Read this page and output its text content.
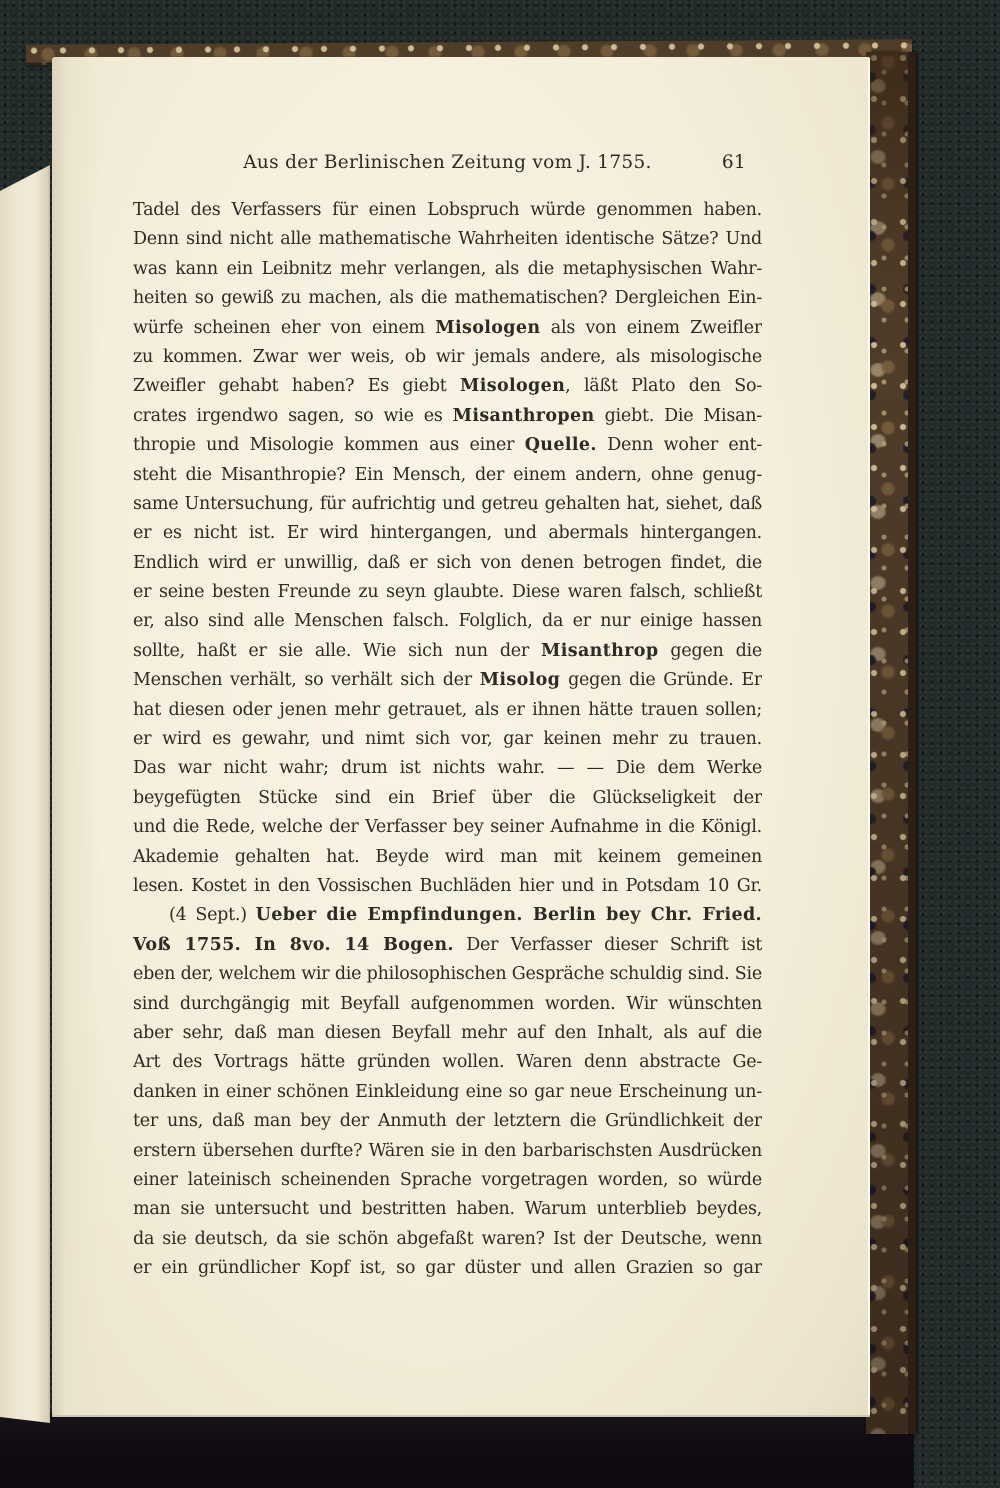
Aus der Berlinischen Zeitung vom J. 1755.	61
Tadel des Verfassers für einen Lobspruch würde genommen haben.
Denn sind nicht alle mathematische Wahrheiten identische Sätze? Und
was kann ein Leibnitz mehr verlangen, als die metaphysischen Wahr-
heiten so gewiß zu machen, als die mathematischen? Dergleichen Ein-
würfe scheinen eher von einem Misologen als von einem Zweifler
zu kommen. Zwar wer weis, ob wir jemals andere, als misologische
Zweifler gehabt haben? Es giebt Misologen, läßt Plato den So-
crates irgendwo sagen, so wie es Misanthropen giebt. Die Misan-
thropie und Misologie kommen aus einer Quelle. Denn woher ent-
steht die Misanthropie? Ein Mensch, der einem andern, ohne genug-
same Untersuchung, für aufrichtig und getreu gehalten hat, siehet, daß
er es nicht ist. Er wird hintergangen, und abermals hintergangen.
Endlich wird er unwillig, daß er sich von denen betrogen findet, die
er seine besten Freunde zu seyn glaubte. Diese waren falsch, schließt
er, also sind alle Menschen falsch. Folglich, da er nur einige hassen
sollte, haßt er sie alle. Wie sich nun der Misanthrop gegen die
Menschen verhält, so verhält sich der Misolog gegen die Gründe. Er
hat diesen oder jenen mehr getrauet, als er ihnen hätte trauen sollen;
er wird es gewahr, und nimt sich vor, gar keinen mehr zu trauen.
Das war nicht wahr; drum ist nichts wahr. — — Die dem Werke
beygefügten Stücke sind ein Brief über die Glückseligkeit der
und die Rede, welche der Verfasser bey seiner Aufnahme in die Königl.
Akademie gehalten hat. Beyde wird man mit keinem gemeinen
lesen. Kostet in den Vossischen Buchläden hier und in Potsdam 10 Gr.
(4 Sept.) Ueber die Empfindungen. Berlin bey Chr. Fried.
Voß 1755. In 8vo. 14 Bogen. Der Verfasser dieser Schrift ist
eben der, welchem wir die philosophischen Gespräche schuldig sind. Sie
sind durchgängig mit Beyfall aufgenommen worden. Wir wünschten
aber sehr, daß man diesen Beyfall mehr auf den Inhalt, als auf die
Art des Vortrags hätte gründen wollen. Waren denn abstracte Ge-
danken in einer schönen Einkleidung eine so gar neue Erscheinung un-
ter uns, daß man bey der Anmuth der letztern die Gründlichkeit der
erstern übersehen durfte? Wären sie in den barbarischsten Ausdrücken
einer lateinisch scheinenden Sprache vorgetragen worden, so würde
man sie untersucht und bestritten haben. Warum unterblieb beydes,
da sie deutsch, da sie schön abgefaßt waren? Ist der Deutsche, wenn
er ein gründlicher Kopf ist, so gar düster und allen Grazien so gar
